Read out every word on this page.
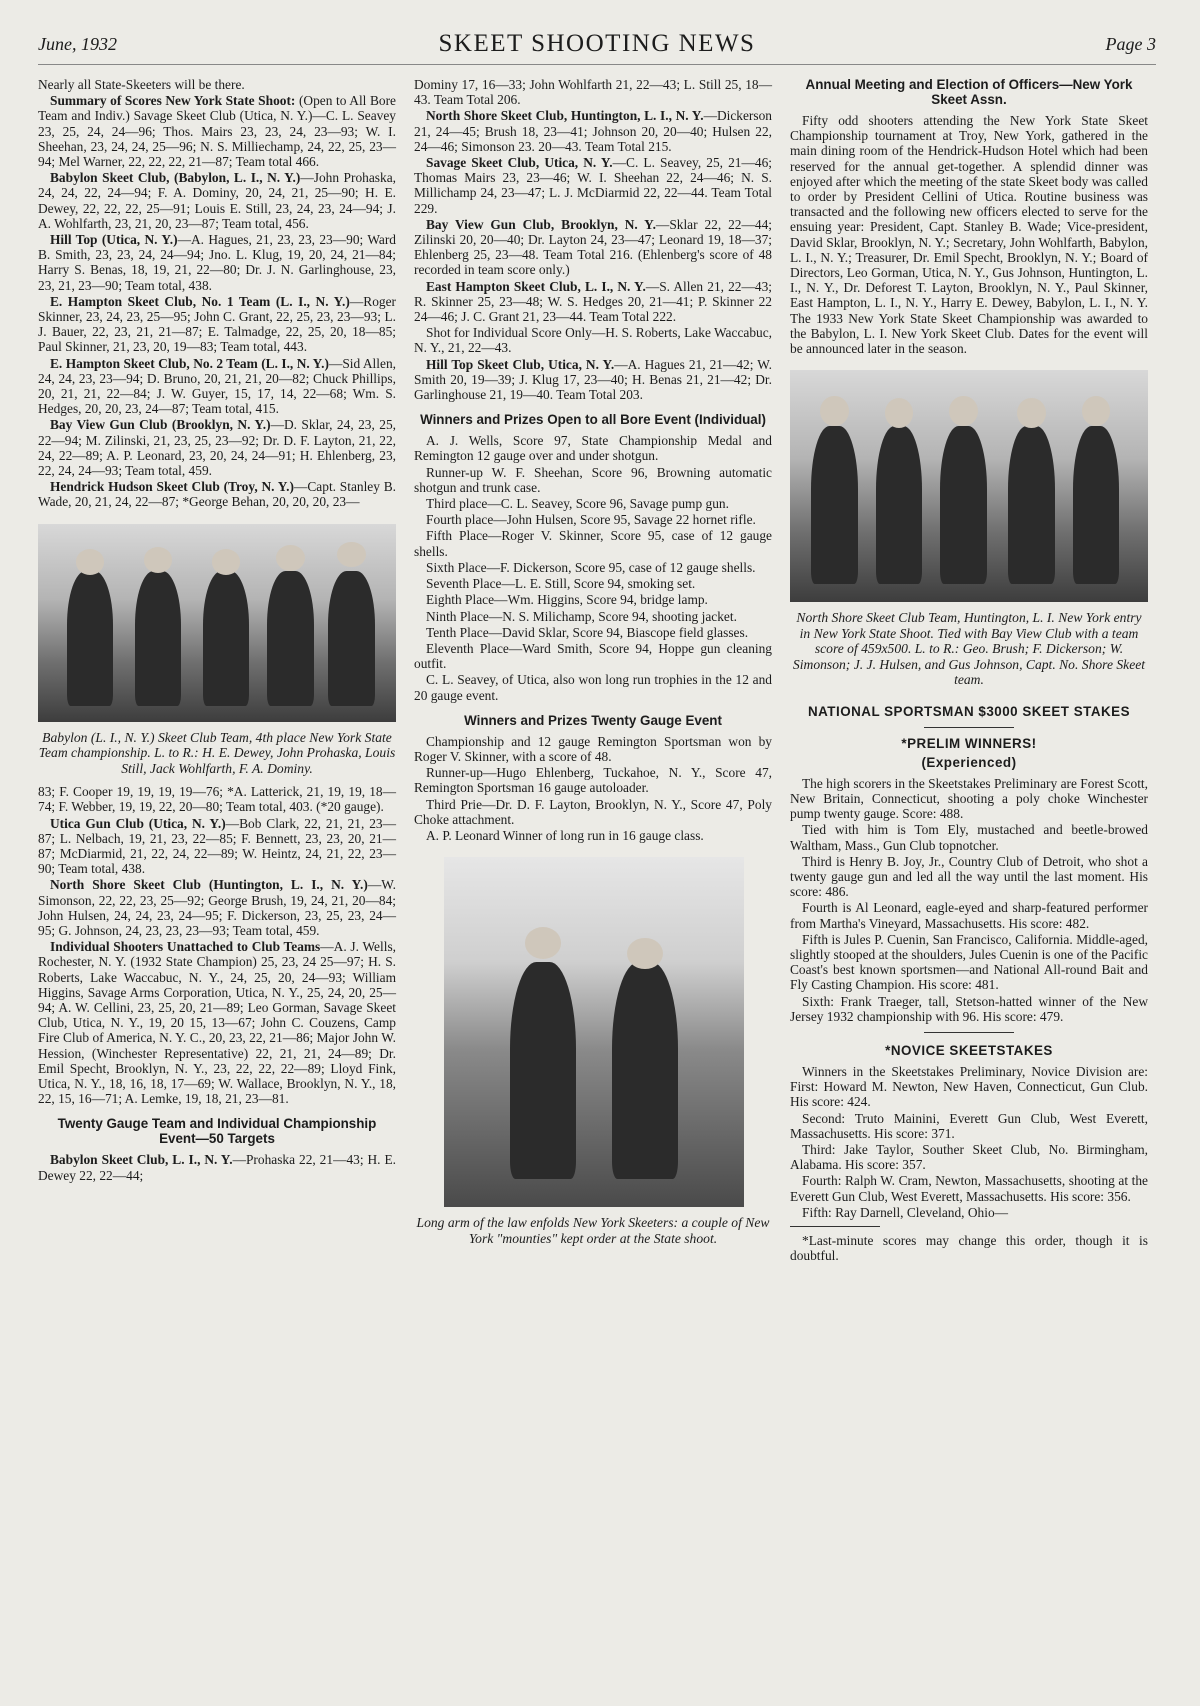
June, 1932	SKEET SHOOTING NEWS	Page 3

Nearly all State-Skeeters will be there.

Summary of Scores New York State Shoot: (Open to All Bore Team and Indiv.) Savage Skeet Club (Utica, N. Y.)—C. L. Seavey 23, 25, 24, 24—96; Thos. Mairs 23, 23, 24, 23—93; W. I. Sheehan, 23, 24, 24, 25—96; N. S. Milliechamp, 24, 22, 25, 23—94; Mel Warner, 22, 22, 22, 21—87; Team total 466.

Babylon Skeet Club, (Babylon, L. I., N. Y.)—John Prohaska, 24, 24, 22, 24—94; F. A. Dominy, 20, 24, 21, 25—90; H. E. Dewey, 22, 22, 22, 25—91; Louis E. Still, 23, 24, 23, 24—94; J. A. Wohlfarth, 23, 21, 20, 23—87; Team total, 456.

Hill Top (Utica, N. Y.)—A. Hagues, 21, 23, 23, 23—90; Ward B. Smith, 23, 23, 24, 24—94; Jno. L. Klug, 19, 20, 24, 21—84; Harry S. Benas, 18, 19, 21, 22—80; Dr. J. N. Garlinghouse, 23, 23, 21, 23—90; Team total, 438.

E. Hampton Skeet Club, No. 1 Team (L. I., N. Y.)—Roger Skinner, 23, 24, 23, 25—95; John C. Grant, 22, 25, 23, 23—93; L. J. Bauer, 22, 23, 21, 21—87; E. Talmadge, 22, 25, 20, 18—85; Paul Skinner, 21, 23, 20, 19—83; Team total, 443.

E. Hampton Skeet Club, No. 2 Team (L. I., N. Y.)—Sid Allen, 24, 24, 23, 23—94; D. Bruno, 20, 21, 21, 20—82; Chuck Phillips, 20, 21, 21, 22—84; J. W. Guyer, 15, 17, 14, 22—68; Wm. S. Hedges, 20, 20, 23, 24—87; Team total, 415.

Bay View Gun Club (Brooklyn, N. Y.)—D. Sklar, 24, 23, 25, 22—94; M. Zilinski, 21, 23, 25, 23—92; Dr. D. F. Layton, 21, 22, 24, 22—89; A. P. Leonard, 23, 20, 24, 24—91; H. Ehlenberg, 23, 22, 24, 24—93; Team total, 459.

Hendrick Hudson Skeet Club (Troy, N. Y.)—Capt. Stanley B. Wade, 20, 21, 24, 22—87; *George Behan, 20, 20, 20, 23—

Babylon (L. I., N. Y.) Skeet Club Team, 4th place New York State Team championship. L. to R.: H. E. Dewey, John Prohaska, Louis Still, Jack Wohlfarth, F. A. Dominy.

83; F. Cooper 19, 19, 19, 19—76; *A. Latterick, 21, 19, 19, 18—74; F. Webber, 19, 19, 22, 20—80; Team total, 403. (*20 gauge).

Utica Gun Club (Utica, N. Y.)—Bob Clark, 22, 21, 21, 23—87; L. Nelbach, 19, 21, 23, 22—85; F. Bennett, 23, 23, 20, 21—87; McDiarmid, 21, 22, 24, 22—89; W. Heintz, 24, 21, 22, 23—90; Team total, 438.

North Shore Skeet Club (Huntington, L. I., N. Y.)—W. Simonson, 22, 22, 23, 25—92; George Brush, 19, 24, 21, 20—84; John Hulsen, 24, 24, 23, 24—95; F. Dickerson, 23, 25, 23, 24—95; G. Johnson, 24, 23, 23, 23—93; Team total, 459.

Individual Shooters Unattached to Club Teams—A. J. Wells, Rochester, N. Y. (1932 State Champion) 25, 23, 24 25—97; H. S. Roberts, Lake Waccabuc, N. Y., 24, 25, 20, 24—93; William Higgins, Savage Arms Corporation, Utica, N. Y., 25, 24, 20, 25—94; A. W. Cellini, 23, 25, 20, 21—89; Leo Gorman, Savage Skeet Club, Utica, N. Y., 19, 20 15, 13—67; John C. Couzens, Camp Fire Club of America, N. Y. C., 20, 23, 22, 21—86; Major John W. Hession, (Winchester Representative) 22, 21, 21, 24—89; Dr. Emil Specht, Brooklyn, N. Y., 23, 22, 22, 22—89; Lloyd Fink, Utica, N. Y., 18, 16, 18, 17—69; W. Wallace, Brooklyn, N. Y., 18, 22, 15, 16—71; A. Lemke, 19, 18, 21, 23—81.

Twenty Gauge Team and Individual Championship Event—50 Targets

Babylon Skeet Club, L. I., N. Y.—Prohaska 22, 21—43; H. E. Dewey 22, 22—44;

Dominy 17, 16—33; John Wohlfarth 21, 22—43; L. Still 25, 18—43. Team Total 206.

North Shore Skeet Club, Huntington, L. I., N. Y.—Dickerson 21, 24—45; Brush 18, 23—41; Johnson 20, 20—40; Hulsen 22, 24—46; Simonson 23. 20—43. Team Total 215.

Savage Skeet Club, Utica, N. Y.—C. L. Seavey, 25, 21—46; Thomas Mairs 23, 23—46; W. I. Sheehan 22, 24—46; N. S. Millichamp 24, 23—47; L. J. McDiarmid 22, 22—44. Team Total 229.

Bay View Gun Club, Brooklyn, N. Y.—Sklar 22, 22—44; Zilinski 20, 20—40; Dr. Layton 24, 23—47; Leonard 19, 18—37; Ehlenberg 25, 23—48. Team Total 216. (Ehlenberg's score of 48 recorded in team score only.)

East Hampton Skeet Club, L. I., N. Y.—S. Allen 21, 22—43; R. Skinner 25, 23—48; W. S. Hedges 20, 21—41; P. Skinner 22 24—46; J. C. Grant 21, 23—44. Team Total 222.

Shot for Individual Score Only—H. S. Roberts, Lake Waccabuc, N. Y., 21, 22—43.

Hill Top Skeet Club, Utica, N. Y.—A. Hagues 21, 21—42; W. Smith 20, 19—39; J. Klug 17, 23—40; H. Benas 21, 21—42; Dr. Garlinghouse 21, 19—40. Team Total 203.

Winners and Prizes Open to all Bore Event (Individual)

A. J. Wells, Score 97, State Championship Medal and Remington 12 gauge over and under shotgun.

Runner-up W. F. Sheehan, Score 96, Browning automatic shotgun and trunk case.

Third place—C. L. Seavey, Score 96, Savage pump gun.

Fourth place—John Hulsen, Score 95, Savage 22 hornet rifle.

Fifth Place—Roger V. Skinner, Score 95, case of 12 gauge shells.

Sixth Place—F. Dickerson, Score 95, case of 12 gauge shells.

Seventh Place—L. E. Still, Score 94, smoking set.

Eighth Place—Wm. Higgins, Score 94, bridge lamp.

Ninth Place—N. S. Milichamp, Score 94, shooting jacket.

Tenth Place—David Sklar, Score 94, Biascope field glasses.

Eleventh Place—Ward Smith, Score 94, Hoppe gun cleaning outfit.

C. L. Seavey, of Utica, also won long run trophies in the 12 and 20 gauge event.

Winners and Prizes Twenty Gauge Event

Championship and 12 gauge Remington Sportsman won by Roger V. Skinner, with a score of 48.

Runner-up—Hugo Ehlenberg, Tuckahoe, N. Y., Score 47, Remington Sportsman 16 gauge autoloader.

Third Prie—Dr. D. F. Layton, Brooklyn, N. Y., Score 47, Poly Choke attachment.

A. P. Leonard Winner of long run in 16 gauge class.

Long arm of the law enfolds New York Skeeters: a couple of New York "mounties" kept order at the State shoot.
Annual Meeting and Election of Officers—New York Skeet Assn.

Fifty odd shooters attending the New York State Skeet Championship tournament at Troy, New York, gathered in the main dining room of the Hendrick-Hudson Hotel which had been reserved for the annual get-together. A splendid dinner was enjoyed after which the meeting of the state Skeet body was called to order by President Cellini of Utica. Routine business was transacted and the following new officers elected to serve for the ensuing year: President, Capt. Stanley B. Wade; Vice-president, David Sklar, Brooklyn, N. Y.; Secretary, John Wohlfarth, Babylon, L. I., N. Y.; Treasurer, Dr. Emil Specht, Brooklyn, N. Y.; Board of Directors, Leo Gorman, Utica, N. Y., Gus Johnson, Huntington, L. I., N. Y., Dr. Deforest T. Layton, Brooklyn, N. Y., Paul Skinner, East Hampton, L. I., N. Y., Harry E. Dewey, Babylon, L. I., N. Y. The 1933 New York State Skeet Championship was awarded to the Babylon, L. I. New York Skeet Club. Dates for the event will be announced later in the season.

North Shore Skeet Club Team, Huntington, L. I. New York entry in New York State Shoot. Tied with Bay View Club with a team score of 459x500. L. to R.: Geo. Brush; F. Dickerson; W. Simonson; J. J. Hulsen, and Gus Johnson, Capt. No. Shore Skeet team.
NATIONAL SPORTSMAN $3000 SKEET STAKES
*PRELIM WINNERS!
(Experienced)

The high scorers in the Skeetstakes Preliminary are Forest Scott, New Britain, Connecticut, shooting a poly choke Winchester pump twenty gauge. Score: 488.

Tied with him is Tom Ely, mustached and beetle-browed Waltham, Mass., Gun Club topnotcher.

Third is Henry B. Joy, Jr., Country Club of Detroit, who shot a twenty gauge gun and led all the way until the last moment. His score: 486.

Fourth is Al Leonard, eagle-eyed and sharp-featured performer from Martha's Vineyard, Massachusetts. His score: 482.

Fifth is Jules P. Cuenin, San Francisco, California. Middle-aged, slightly stooped at the shoulders, Jules Cuenin is one of the Pacific Coast's best known sportsmen—and National All-round Bait and Fly Casting Champion. His score: 481.

Sixth: Frank Traeger, tall, Stetson-hatted winner of the New Jersey 1932 championship with 96. His score: 479.

*NOVICE SKEETSTAKES

Winners in the Skeetstakes Preliminary, Novice Division are: First: Howard M. Newton, New Haven, Connecticut, Gun Club. His score: 424.

Second: Truto Mainini, Everett Gun Club, West Everett, Massachusetts. His score: 371.

Third: Jake Taylor, Souther Skeet Club, No. Birmingham, Alabama. His score: 357.

Fourth: Ralph W. Cram, Newton, Massachusetts, shooting at the Everett Gun Club, West Everett, Massachusetts. His score: 356.

Fifth: Ray Darnell, Cleveland, Ohio—

*Last-minute scores may change this order, though it is doubtful.
